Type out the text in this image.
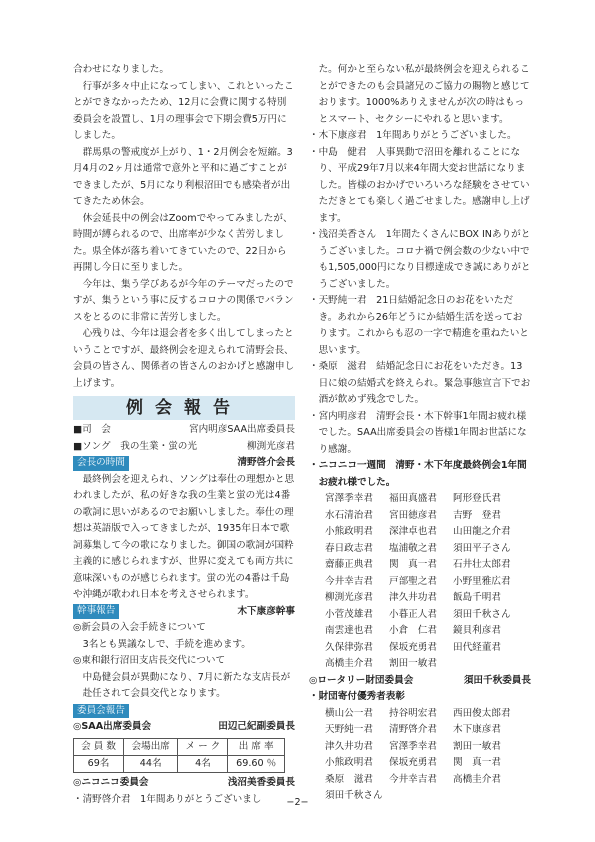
合わせになりました。

行事が多々中止になってしまい、これといったことができなかったため、12月に会費に関する特別委員会を設置し、1月の理事会で下期会費5万円にしました。

群馬県の警戒度が上がり、1・2月例会を短縮。3月4月の2ヶ月は通常で意外と平和に過ごすことができましたが、5月になり利根沼田でも感染者が出てきたため休会。

休会延長中の例会はZoomでやってみましたが、時間が縛られるので、出席率が少なく苦労しました。県全体が落ち着いてきていたので、22日から再開し今日に至りました。

今年は、集う学びあるが今年のテーマだったのですが、集うという事に反するコロナの関係でバランスをとるのに非常に苦労しました。

心残りは、今年は退会者を多く出してしまったということですが、最終例会を迎えられて清野会長、会員の皆さん、関係者の皆さんのおかげと感謝申し上げます。

例会報告
■司　会	宮内明彦SAA出席委員長
■ソング　我の生業・蛍の光	柳渕光彦君
会長の時間	清野啓介会長

最終例会を迎えられ、ソングは奉仕の理想かと思われましたが、私の好きな我の生業と蛍の光は4番の歌詞に思いがあるのでお願いしました。奉仕の理想は英語版で入ってきましたが、1935年日本で歌詞募集して今の歌になりました。御国の歌詞が国粋主義的に感じられますが、世界に変えても両方共に意味深いものが感じられます。蛍の光の4番は千島や沖縄が歌われ日本を考えさせられます。

幹事報告	木下康彦幹事

◎新会員の入会手続きについて

3名とも異議なしで、手続を進めます。

◎東和銀行沼田支店長交代について

中島健会員が異動になり、7月に新たな支店長が赴任されて会員交代となります。

委員会報告
◎SAA出席委員会	田辺己紀副委員長
会 員 数	会場出席	メ ー ク	出 席 率
69名	44名	4名	69.60 ％
◎ニコニコ委員会	浅沼美香委員長

・清野啓介君　1年間ありがとうございまし

た。何かと至らない私が最終例会を迎えられることができたのも会員諸兄のご協力の賜物と感じております。1000%ありえませんが次の時はもっとスマート、セクシーにやれると思います。

・木下康彦君　1年間ありがとうございました。

・中島　健君　人事異動で沼田を離れることになり、平成29年7月以来4年間大変お世話になりました。皆様のおかげでいろいろな経験をさせていただきとても楽しく過ごせました。感謝申し上げます。

・浅沼美香さん　1年間たくさんにBOX INありがとうございました。コロナ禍で例会数の少ない中でも1,505,000円になり目標達成でき誠にありがとうございました。

・天野純一君　21日結婚記念日のお花をいただき。あれから26年どうにか結婚生活を送っております。これからも忍の一字で精進を重ねたいと思います。

・桑原　滋君　結婚記念日にお花をいただき。13日に娘の結婚式を終えられ。緊急事態宣言下でお酒が飲めず残念でした。

・宮内明彦君　清野会長・木下幹事1年間お疲れ様でした。SAA出席委員会の皆様1年間お世話になり感謝。

・ニコニコ一週間　清野・木下年度最終例会1年間お疲れ様でした。

宮澤季幸君	福田真盛君	阿形登氏君
水石清治君	宮田徳彦君	吉野　登君
小熊政明君	深津卓也君	山田龍之介君
春日政志君	塩浦敬之君	須田平子さん
齋藤正典君	関　真一君	石井壮太郎君
今井幸吉君	戸部聖之君	小野里雅広君
柳渕光彦君	津久井功君	飯島千明君
小菅茂雄君	小暮正人君	須田千秋さん
南雲達也君	小倉　仁君	鏡貝利彦君
久保律弥君	保坂充勇君	田代経董君
高橋圭介君	割田一敏君
◎ロータリー財団委員会	須田千秋委員長

・財団寄付優秀者表彰

横山公一君	持谷明宏君	西田俊太郎君
天野純一君	清野啓介君	木下康彦君
津久井功君	宮澤季幸君	割田一敏君
小熊政明君	保坂充勇君	関　真一君
桑原　滋君	今井幸吉君	高橋圭介君
須田千秋さん
−2−
